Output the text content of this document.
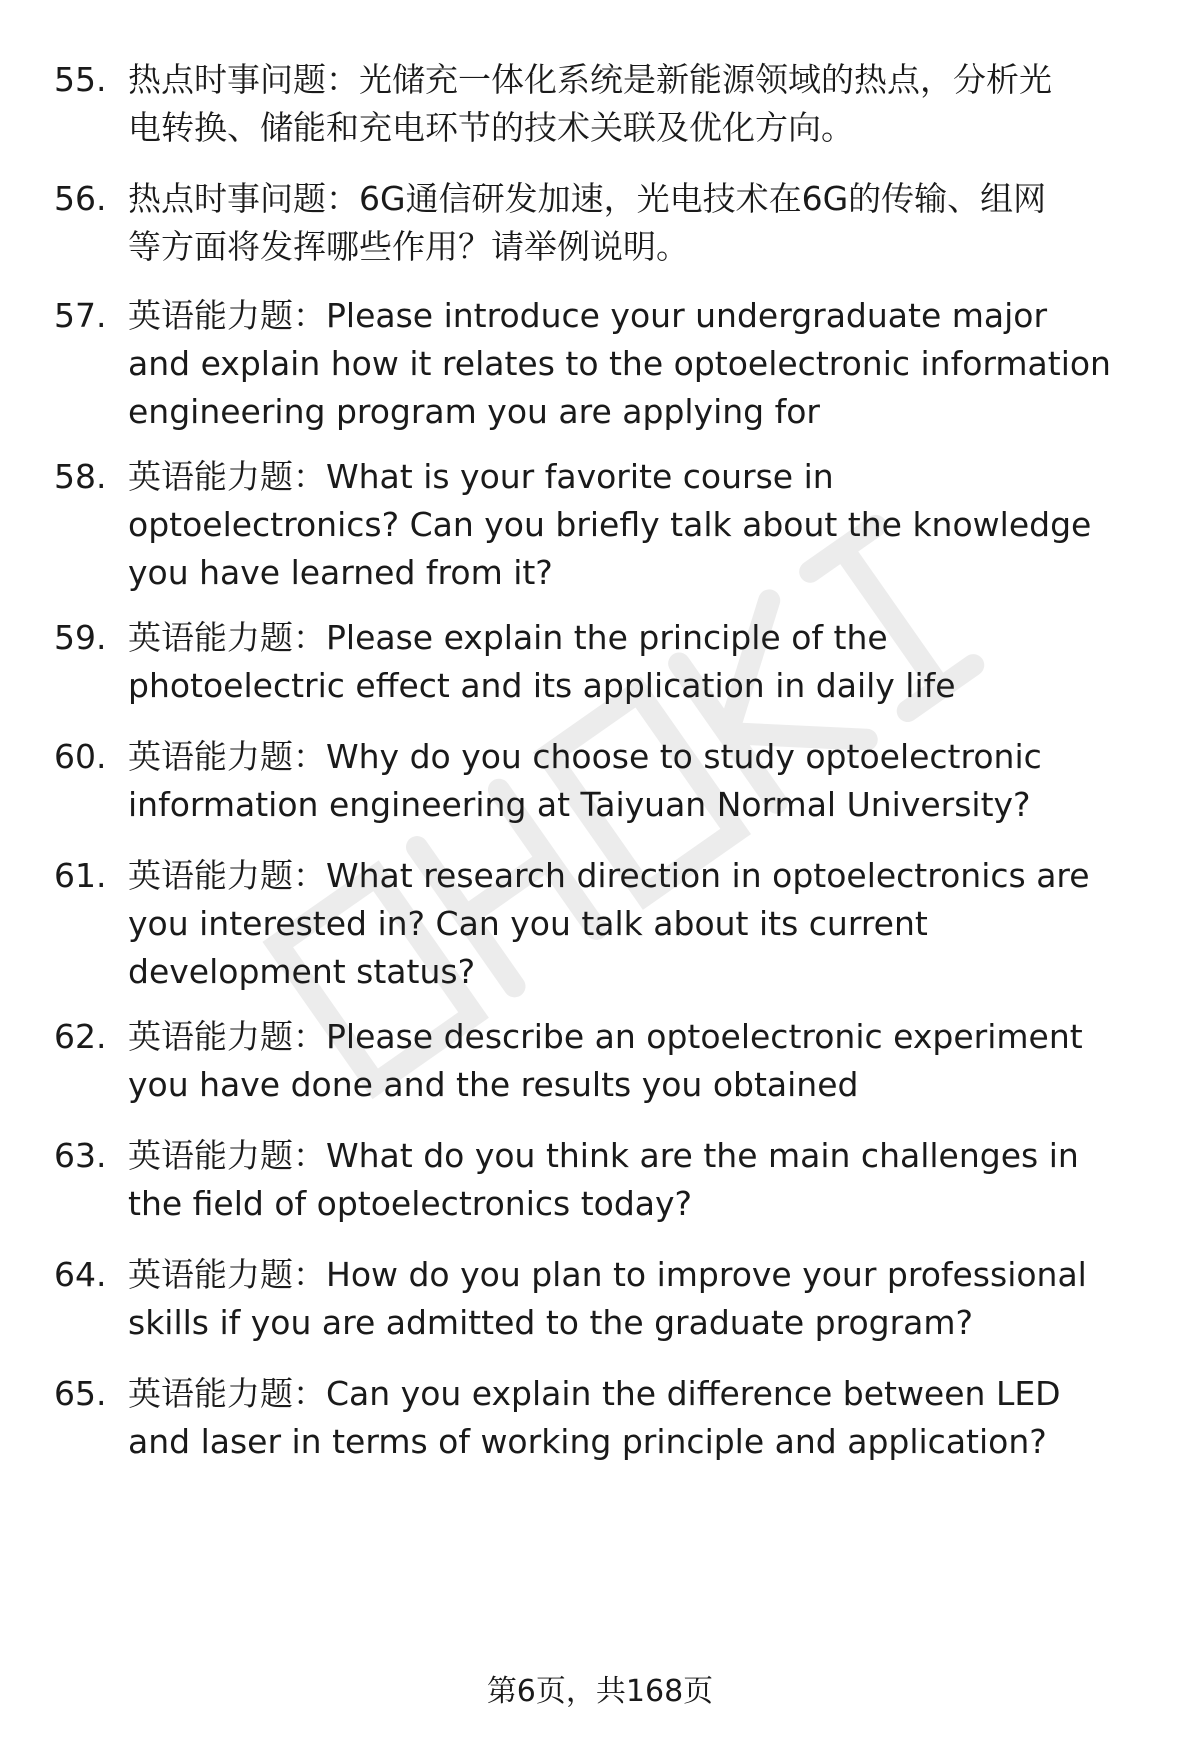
55. 热点时事问题：光储充一体化系统是新能源领域的热点，分析光
电转换、储能和充电环节的技术关联及优化方向。
56. 热点时事问题：6G通信研发加速，光电技术在6G的传输、组网
等方面将发挥哪些作用？请举例说明。
57. 英语能力题：Please introduce your undergraduate major
and explain how it relates to the optoelectronic information
engineering program you are applying for
58. 英语能力题：What is your favorite course in
optoelectronics? Can you briefly talk about the knowledge
you have learned from it?
59. 英语能力题：Please explain the principle of the
photoelectric effect and its application in daily life
60. 英语能力题：Why do you choose to study optoelectronic
information engineering at Taiyuan Normal University?
61. 英语能力题：What research direction in optoelectronics are
you interested in? Can you talk about its current
development status?
62. 英语能力题：Please describe an optoelectronic experiment
you have done and the results you obtained
63. 英语能力题：What do you think are the main challenges in
the field of optoelectronics today?
64. 英语能力题：How do you plan to improve your professional
skills if you are admitted to the graduate program?
65. 英语能力题：Can you explain the difference between LED
and laser in terms of working principle and application?
第6页，共168页
